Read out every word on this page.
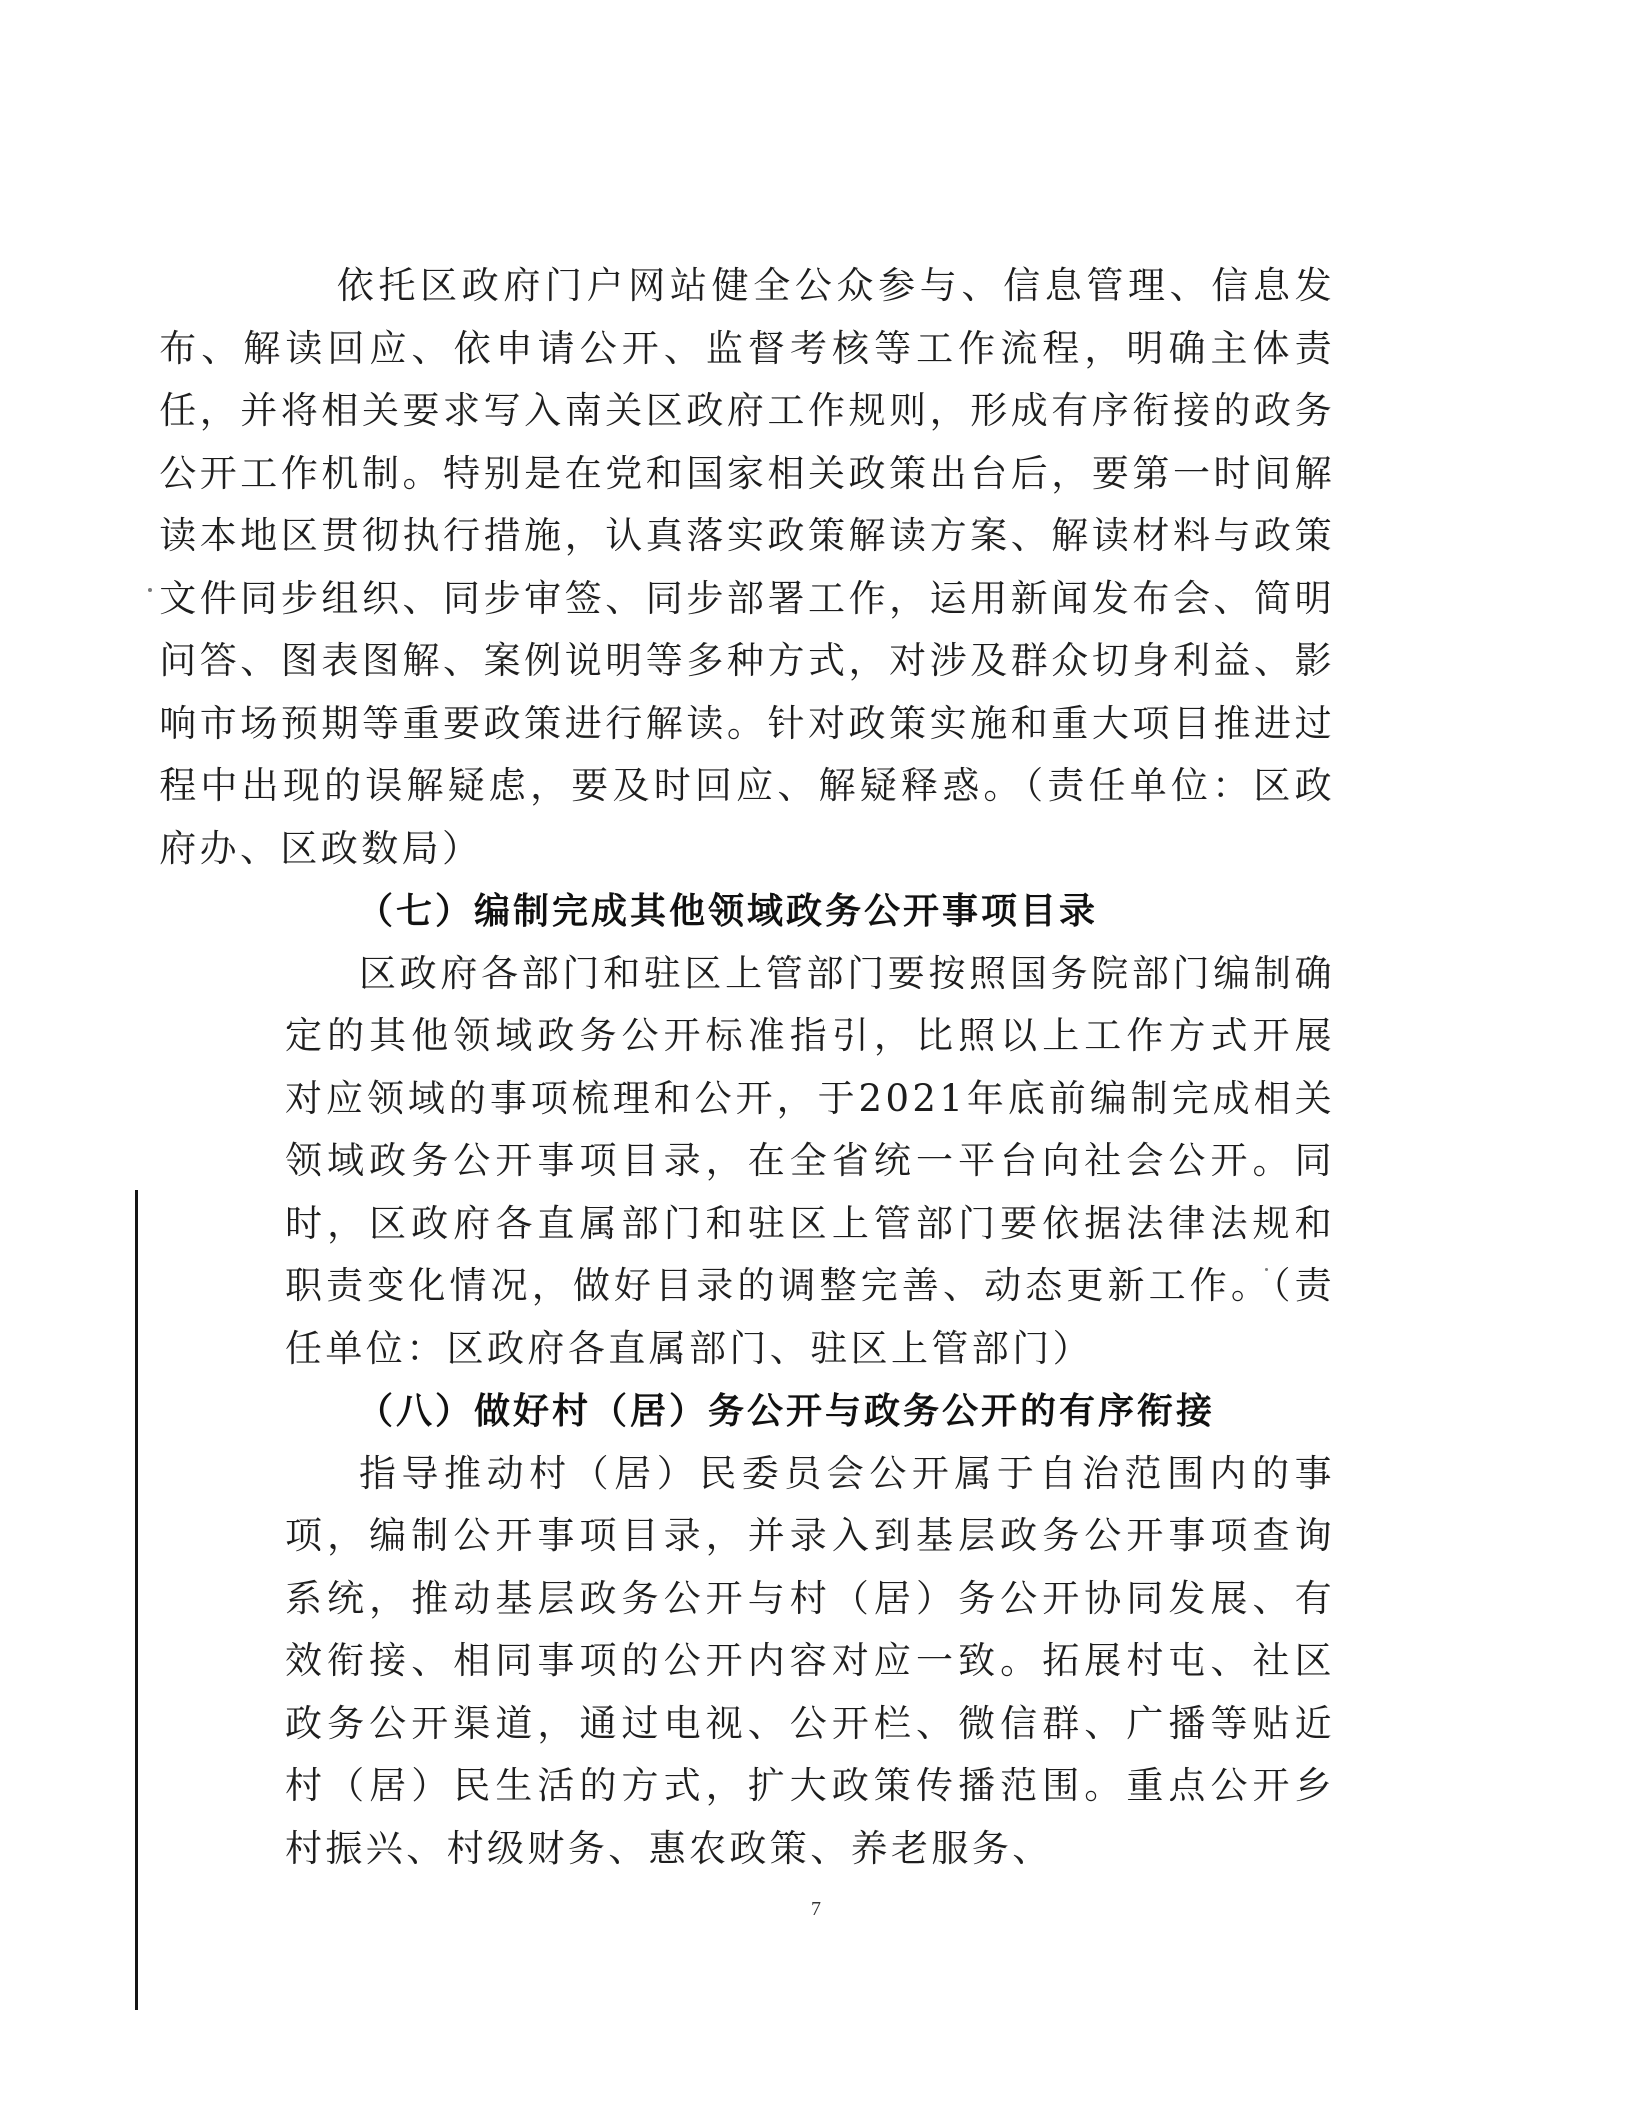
依托区政府门户网站健全公众参与、信息管理、信息发布、解读回应、依申请公开、监督考核等工作流程，明确主体责任，并将相关要求写入南关区政府工作规则，形成有序衔接的政务公开工作机制。特别是在党和国家相关政策出台后，要第一时间解读本地区贯彻执行措施，认真落实政策解读方案、解读材料与政策文件同步组织、同步审签、同步部署工作，运用新闻发布会、简明问答、图表图解、案例说明等多种方式，对涉及群众切身利益、影响市场预期等重要政策进行解读。针对政策实施和重大项目推进过程中出现的误解疑虑，要及时回应、解疑释惑。（责任单位：区政府办、区政数局）

（七）编制完成其他领域政务公开事项目录

区政府各部门和驻区上管部门要按照国务院部门编制确定的其他领域政务公开标准指引，比照以上工作方式开展对应领域的事项梳理和公开，于2021年底前编制完成相关领域政务公开事项目录，在全省统一平台向社会公开。同时，区政府各直属部门和驻区上管部门要依据法律法规和职责变化情况，做好目录的调整完善、动态更新工作。（责任单位：区政府各直属部门、驻区上管部门）

（八）做好村（居）务公开与政务公开的有序衔接

指导推动村（居）民委员会公开属于自治范围内的事项，编制公开事项目录，并录入到基层政务公开事项查询系统，推动基层政务公开与村（居）务公开协同发展、有效衔接、相同事项的公开内容对应一致。拓展村屯、社区政务公开渠道，通过电视、公开栏、微信群、广播等贴近村（居）民生活的方式，扩大政策传播范围。重点公开乡村振兴、村级财务、惠农政策、养老服务、

7
